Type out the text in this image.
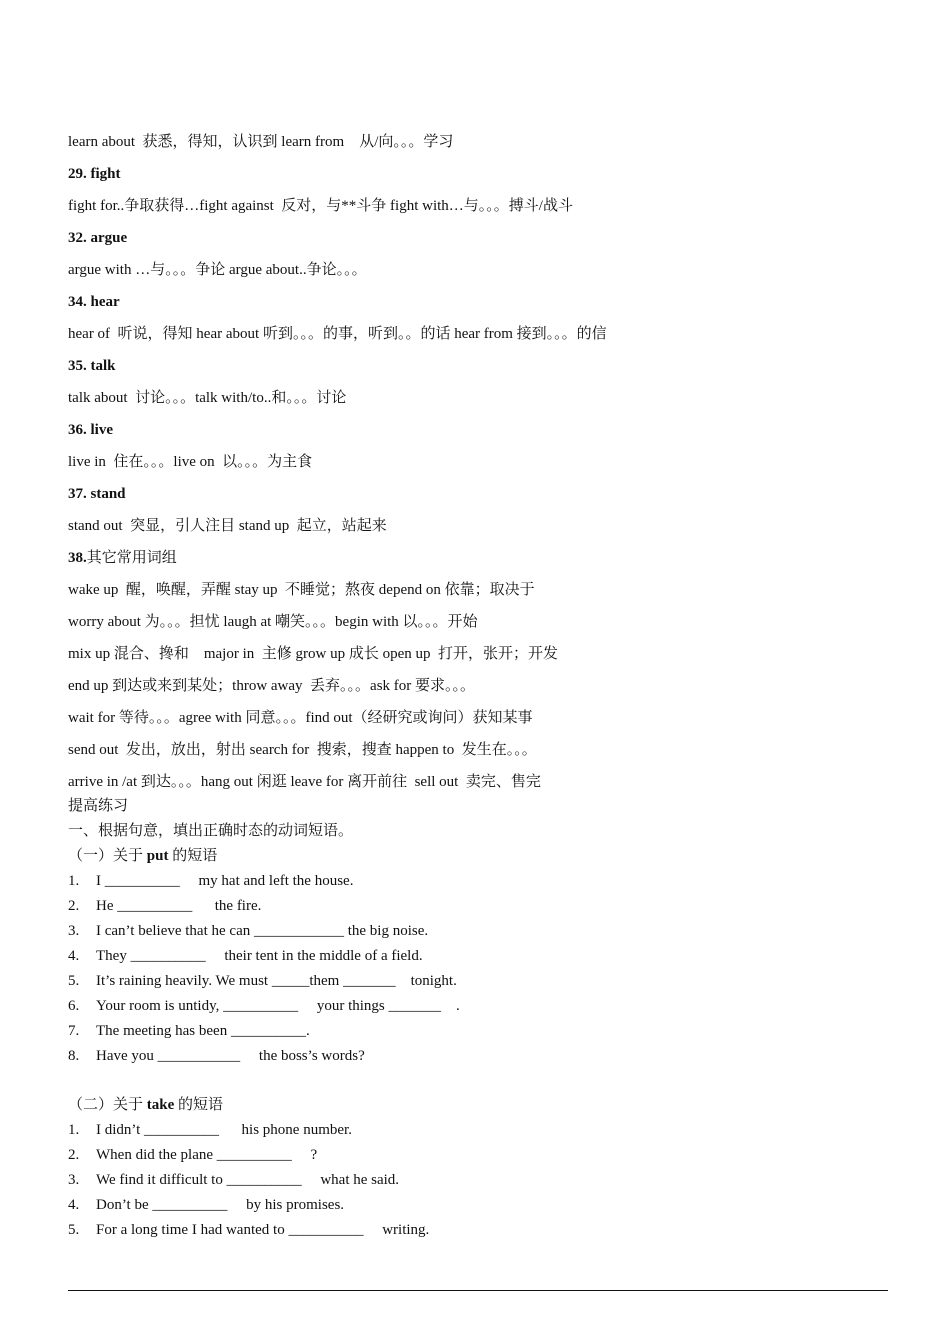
learn about  获悉，得知，认识到 learn from    从/向。。。学习
29. fight
fight for..争取获得…fight against  反对，与**斗争 fight with…与。。。搏斗/战斗
32. argue
argue with …与。。。争论 argue about..争论。。。
34. hear
hear of  听说，得知 hear about 听到。。。的事，听到。。的话 hear from 接到。。。的信
35. talk
talk about  讨论。。。talk with/to..和。。。讨论
36. live
live in  住在。。。live on  以。。。为主食
37. stand
stand out  突显，引人注目 stand up  起立，站起来
38.其它常用词组
wake up  醒，唤醒，弄醒 stay up  不睡觉；熬夜 depend on 依靠；取决于
worry about 为。。。担忧 laugh at 嘲笑。。。begin with 以。。。开始
mix up 混合、搀和    major in  主修 grow up 成长 open up  打开，张开；开发
end up 到达或来到某处；throw away  丢弃。。。ask for 要求。。。
wait for 等待。。。agree with 同意。。。find out（经研究或询问）获知某事
send out  发出，放出，射出 search for  搜索，搜查 happen to  发生在。。。
arrive in /at 到达。。。hang out 闲逛 leave for 离开前往  sell out  卖完、售完
提高练习
一、根据句意，填出正确时态的动词短语。
（一）关于 put 的短语
1. I __________     my hat and left the house.
2. He __________      the fire.
3. I can’t believe that he can ____________ the big noise.
4. They __________     their tent in the middle of a field.
5. It’s raining heavily. We must _____them _______    tonight.
6. Your room is untidy, __________     your things _______    .
7. The meeting has been __________.
8. Have you ___________     the boss’s words?
（二）关于 take 的短语
1. I didn’t __________      his phone number.
2. When did the plane __________     ?
3. We find it difficult to __________     what he said.
4. Don’t be __________     by his promises.
5. For a long time I had wanted to __________     writing.
